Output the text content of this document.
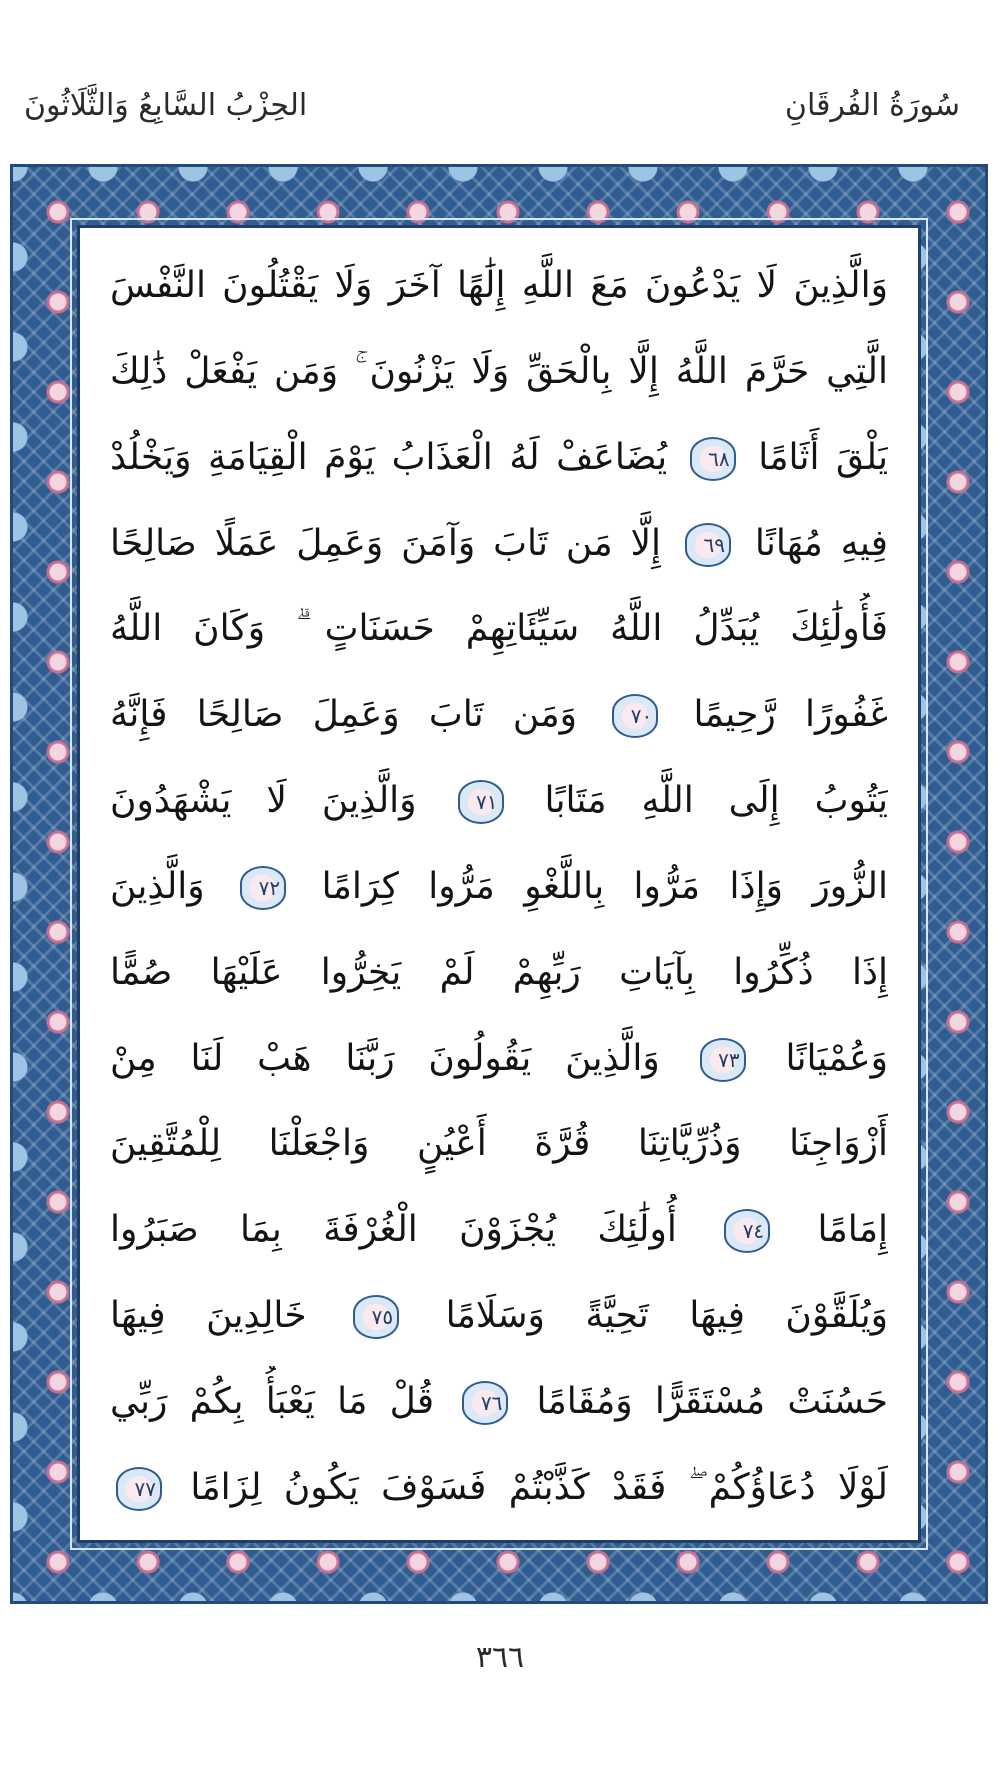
سُورَةُ الفُرقَانِ
الحِزْبُ السَّابِعُ وَالثَّلَاثُونَ
وَالَّذِينَ لَا يَدْعُونَ مَعَ اللَّهِ إِلَٰهًا آخَرَ وَلَا يَقْتُلُونَ النَّفْسَ
الَّتِي حَرَّمَ اللَّهُ إِلَّا بِالْحَقِّ وَلَا يَزْنُونَ ۚ وَمَن يَفْعَلْ ذَٰلِكَ
يَلْقَ أَثَامًا ٦٨ يُضَاعَفْ لَهُ الْعَذَابُ يَوْمَ الْقِيَامَةِ وَيَخْلُدْ
فِيهِ مُهَانًا ٦٩ إِلَّا مَن تَابَ وَآمَنَ وَعَمِلَ عَمَلًا صَالِحًا
فَأُولَٰئِكَ يُبَدِّلُ اللَّهُ سَيِّئَاتِهِمْ حَسَنَاتٍ ۗ وَكَانَ اللَّهُ
غَفُورًا رَّحِيمًا ٧٠ وَمَن تَابَ وَعَمِلَ صَالِحًا فَإِنَّهُ
يَتُوبُ إِلَى اللَّهِ مَتَابًا ٧١ وَالَّذِينَ لَا يَشْهَدُونَ
الزُّورَ وَإِذَا مَرُّوا بِاللَّغْوِ مَرُّوا كِرَامًا ٧٢ وَالَّذِينَ
إِذَا ذُكِّرُوا بِآيَاتِ رَبِّهِمْ لَمْ يَخِرُّوا عَلَيْهَا صُمًّا
وَعُمْيَانًا ٧٣ وَالَّذِينَ يَقُولُونَ رَبَّنَا هَبْ لَنَا مِنْ
أَزْوَاجِنَا وَذُرِّيَّاتِنَا قُرَّةَ أَعْيُنٍ وَاجْعَلْنَا لِلْمُتَّقِينَ
إِمَامًا ٧٤ أُولَٰئِكَ يُجْزَوْنَ الْغُرْفَةَ بِمَا صَبَرُوا
وَيُلَقَّوْنَ فِيهَا تَحِيَّةً وَسَلَامًا ٧٥ خَالِدِينَ فِيهَا
حَسُنَتْ مُسْتَقَرًّا وَمُقَامًا ٧٦ قُلْ مَا يَعْبَأُ بِكُمْ رَبِّي
لَوْلَا دُعَاؤُكُمْ ۖ فَقَدْ كَذَّبْتُمْ فَسَوْفَ يَكُونُ لِزَامًا ٧٧
٣٦٦
